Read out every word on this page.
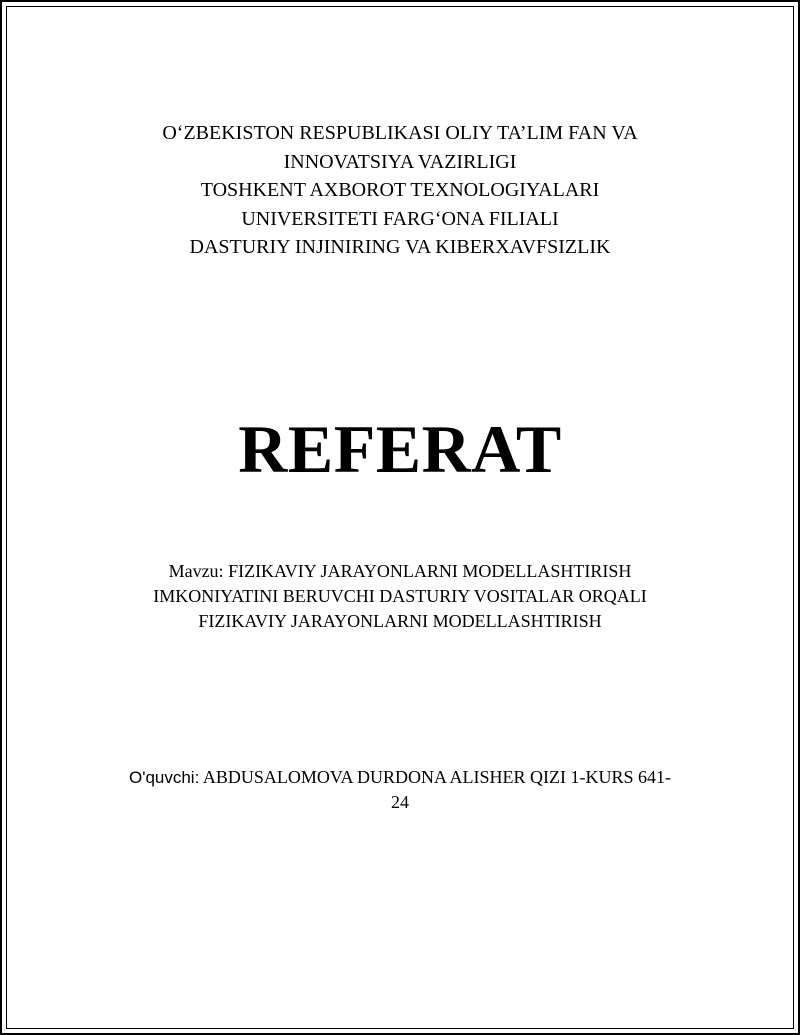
O‘ZBEKISTON RESPUBLIKASI OLIY TA’LIM FAN VA
INNOVATSIYA VAZIRLIGI
TOSHKENT AXBOROT TEXNOLOGIYALARI
UNIVERSITETI FARG‘ONA FILIALI
DASTURIY INJINIRING VA KIBERXAVFSIZLIK
REFERAT
Mavzu: FIZIKAVIY JARAYONLARNI MODELLASHTIRISH
IMKONIYATINI BERUVCHI DASTURIY VOSITALAR ORQALI
FIZIKAVIY JARAYONLARNI MODELLASHTIRISH
O'quvchi: ABDUSALOMOVA DURDONA ALISHER QIZI 1-KURS 641-
24
